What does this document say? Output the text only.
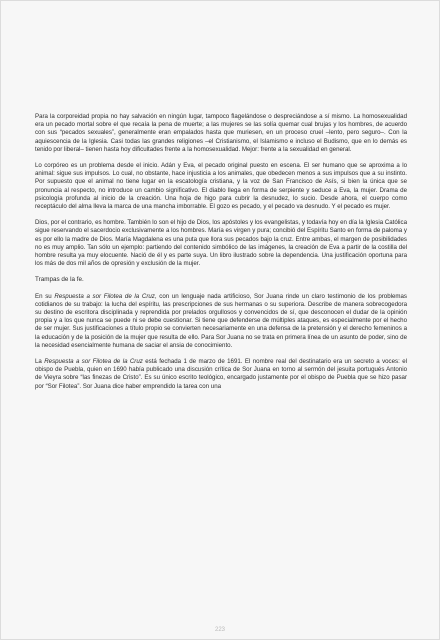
Para la corporeidad propia no hay salvación en ningún lugar, tampoco flagelándose o despreciándose a sí mismo. La homosexualidad era un pecado mortal sobre el que recaía la pena de muerte; a las mujeres se las solía quemar cual brujas y los hombres, de acuerdo con sus “pecados sexuales”, generalmente eran empalados hasta que muriesen, en un proceso cruel –lento, pero seguro–. Con la aquiescencia de la Iglesia. Casi todas las grandes religiones –el Cristianismo, el Islamismo e incluso el Budismo, que en lo demás es tenido por liberal– tienen hasta hoy dificultades frente a la homosexualidad. Mejor: frente a la sexualidad en general.

Lo corpóreo es un problema desde el inicio. Adán y Eva, el pecado original puesto en escena. El ser humano que se aproxima a lo animal: sigue sus impulsos. Lo cual, no obstante, hace injusticia a los animales, que obedecen menos a sus impulsos que a su instinto. Por supuesto que el animal no tiene lugar en la escatología cristiana, y la voz de San Francisco de Asís, si bien la única que se pronuncia al respecto, no introduce un cambio significativo. El diablo llega en forma de serpiente y seduce a Eva, la mujer. Drama de psicología profunda al inicio de la creación. Una hoja de higo para cubrir la desnudez, lo sucio. Desde ahora, el cuerpo como receptáculo del alma lleva la marca de una mancha imborrable. El gozo es pecado, y el pecado va desnudo. Y el pecado es mujer.

Dios, por el contrario, es hombre. También lo son el hijo de Dios, los apóstoles y los evangelistas, y todavía hoy en día la Iglesia Católica sigue reservando el sacerdocio exclusivamente a los hombres. María es virgen y pura; concibió del Espíritu Santo en forma de paloma y es por ello la madre de Dios. María Magdalena es una puta que llora sus pecados bajo la cruz. Entre ambas, el margen de posibilidades no es muy amplio. Tan sólo un ejemplo: partiendo del contenido simbólico de las imágenes, la creación de Eva a partir de la costilla del hombre resulta ya muy elocuente. Nació de él y es parte suya. Un libro ilustrado sobre la dependencia. Una justificación oportuna para los más de dos mil años de opresión y exclusión de la mujer.

Trampas de la fe.

En su Respuesta a sor Filotea de la Cruz, con un lenguaje nada artificioso, Sor Juana rinde un claro testimonio de los problemas cotidianos de su trabajo: la lucha del espíritu, las prescripciones de sus hermanas o su superiora. Describe de manera sobrecogedora su destino de escritora disciplinada y reprendida por prelados orgullosos y convencidos de sí, que desconocen el dudar de la opinión propia y a los que nunca se puede ni se debe cuestionar. Si tiene que defenderse de múltiples ataques, es especialmente por el hecho de ser mujer. Sus justificaciones a título propio se convierten necesariamente en una defensa de la pretensión y el derecho femeninos a la educación y de la posición de la mujer que resulta de ello. Para Sor Juana no se trata en primera línea de un asunto de poder, sino de la necesidad esencialmente humana de saciar el ansia de conocimiento.

La Respuesta a sor Filotea de la Cruz está fechada 1 de marzo de 1691. El nombre real del destinatario era un secreto a voces: el obispo de Puebla, quien en 1690 había publicado una discusión crítica de Sor Juana en torno al sermón del jesuita portugués Antonio de Vieyra sobre “las finezas de Cristo”. Es su único escrito teológico, encargado justamente por el obispo de Puebla que se hizo pasar por “Sor Filotea”. Sor Juana dice haber emprendido la tarea con una

223
